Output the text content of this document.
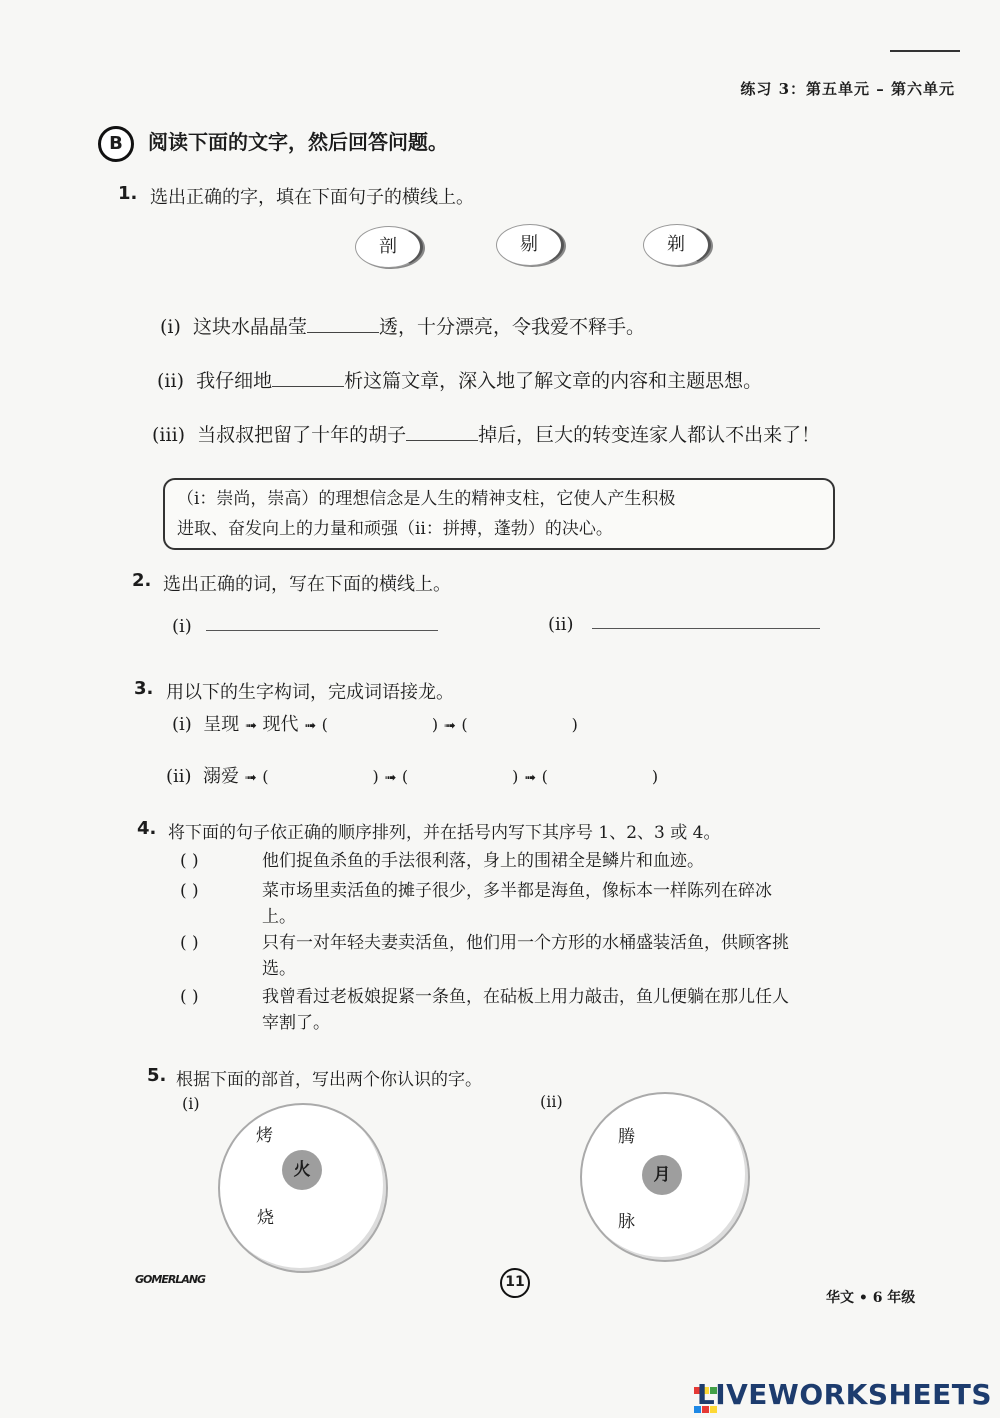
练习 3：第五单元 – 第六单元
B	阅读下面的文字，然后回答问题。
1. 选出正确的字，填在下面句子的横线上。
剖	剔	剃
(i) 这块水晶晶莹	透，十分漂亮，令我爱不释手。
(ii) 我仔细地	析这篇文章，深入地了解文章的内容和主题思想。
(iii) 当叔叔把留了十年的胡子	掉后，巨大的转变连家人都认不出来了！
（i：崇尚，崇高）的理想信念是人生的精神支柱，它使人产生积极
进取、奋发向上的力量和顽强（ii：拼搏，蓬勃）的决心。
2. 选出正确的词，写在下面的横线上。
(i)	(ii)
3. 用以下的生字构词，完成词语接龙。
(i) 呈现 ➟ 现代 ➟ (	) ➟ (	)
(ii) 溺爱 ➟ (	) ➟ (	) ➟ (	)
4. 将下面的句子依正确的顺序排列，并在括号内写下其序号 1、2、3 或 4。
( )	他们捉鱼杀鱼的手法很利落，身上的围裙全是鳞片和血迹。
( )	菜市场里卖活鱼的摊子很少，多半都是海鱼，像标本一样陈列在碎冰
上。
( )	只有一对年轻夫妻卖活鱼，他们用一个方形的水桶盛装活鱼，供顾客挑
选。
( )	我曾看过老板娘捉紧一条鱼，在砧板上用力敲击，鱼儿便躺在那儿任人
宰割了。
5. 根据下面的部首，写出两个你认识的字。
(i)
火
烤
烧
(ii)
月
腾
脉
GOMERLANG	11
华文 • 6 年级

LIVEWORKSHEETS
